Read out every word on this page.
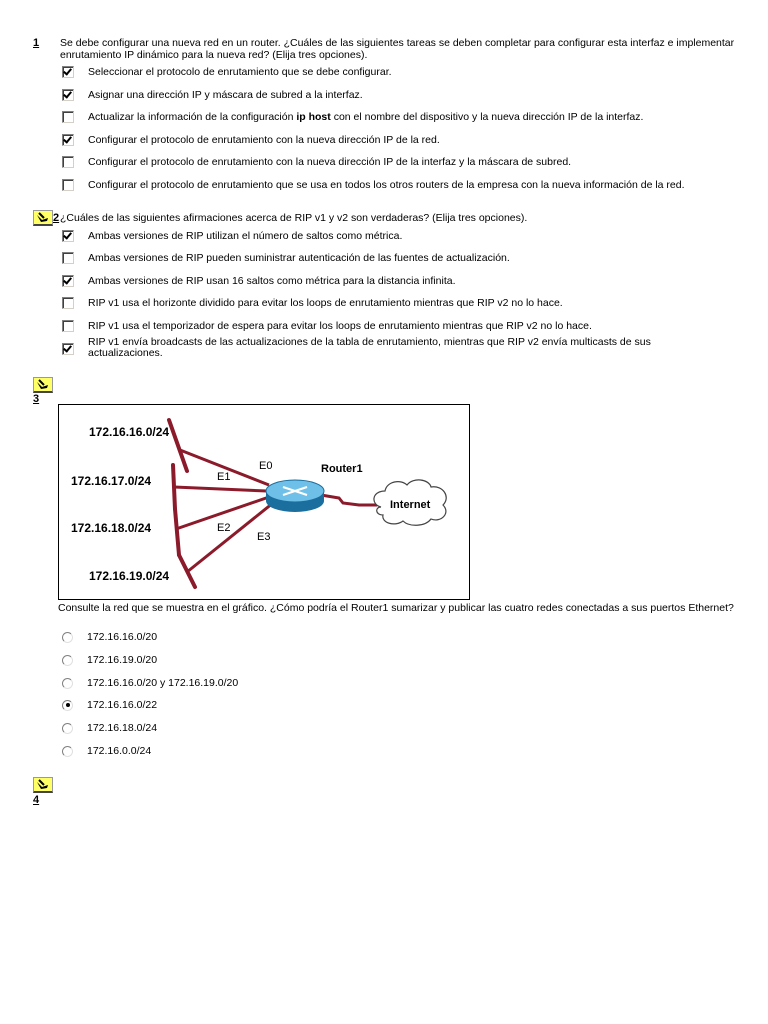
1 Se debe configurar una nueva red en un router. ¿Cuáles de las siguientes tareas se deben completar para configurar esta interfaz e implementar enrutamiento IP dinámico para la nueva red? (Elija tres opciones).
Seleccionar el protocolo de enrutamiento que se debe configurar.
Asignar una dirección IP y máscara de subred a la interfaz.
Actualizar la información de la configuración ip host con el nombre del dispositivo y la nueva dirección IP de la interfaz.
Configurar el protocolo de enrutamiento con la nueva dirección IP de la red.
Configurar el protocolo de enrutamiento con la nueva dirección IP de la interfaz y la máscara de subred.
Configurar el protocolo de enrutamiento que se usa en todos los otros routers de la empresa con la nueva información de la red.
2 ¿Cuáles de las siguientes afirmaciones acerca de RIP v1 y v2 son verdaderas? (Elija tres opciones).
Ambas versiones de RIP utilizan el número de saltos como métrica.
Ambas versiones de RIP pueden suministrar autenticación de las fuentes de actualización.
Ambas versiones de RIP usan 16 saltos como métrica para la distancia infinita.
RIP v1 usa el horizonte dividido para evitar los loops de enrutamiento mientras que RIP v2 no lo hace.
RIP v1 usa el temporizador de espera para evitar los loops de enrutamiento mientras que RIP v2 no lo hace.
RIP v1 envía broadcasts de las actualizaciones de la tabla de enrutamiento, mientras que RIP v2 envía multicasts de sus actualizaciones.
3
172.16.16.0/24
172.16.17.0/24
172.16.18.0/24
172.16.19.0/24
E0
E1
E2
E3
Router1
Internet
Consulte la red que se muestra en el gráfico. ¿Cómo podría el Router1 sumarizar y publicar las cuatro redes conectadas a sus puertos Ethernet?
172.16.16.0/20
172.16.19.0/20
172.16.16.0/20 y 172.16.19.0/20
172.16.16.0/22
172.16.18.0/24
172.16.0.0/24
4
